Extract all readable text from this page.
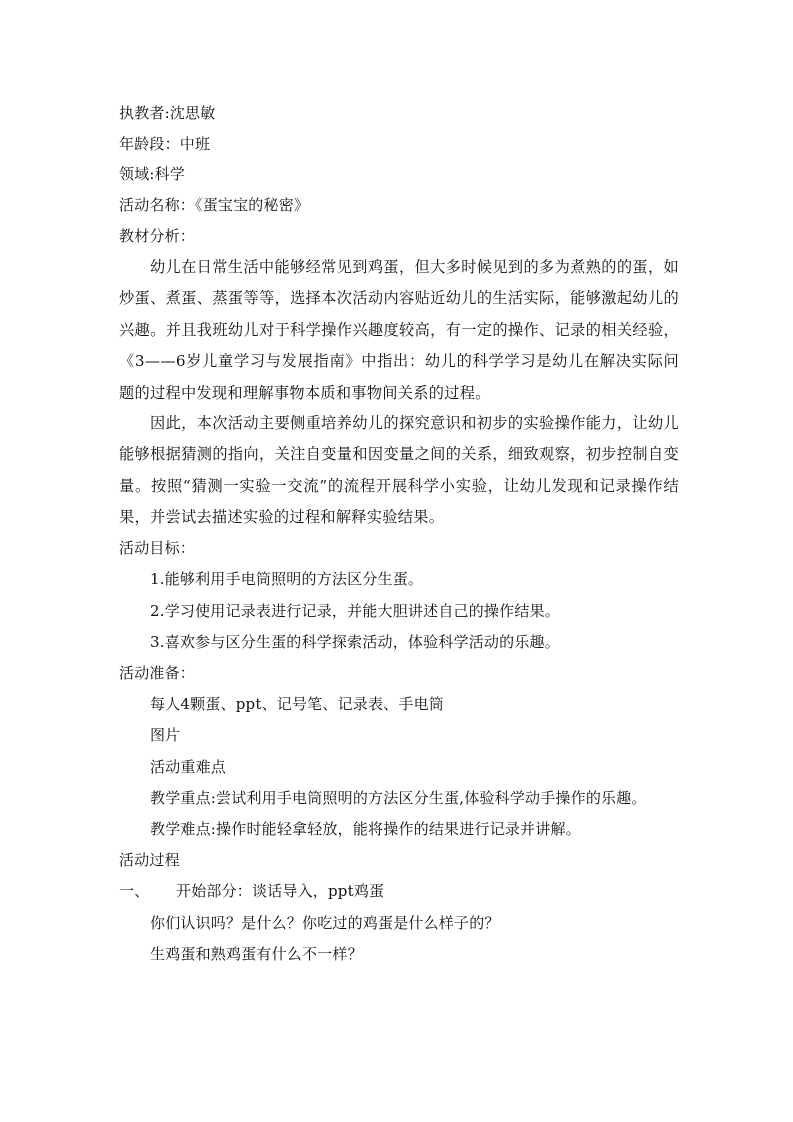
执教者:沈思敏
年龄段：中班
领域:科学
活动名称：《蛋宝宝的秘密》
教材分析：
幼儿在日常生活中能够经常见到鸡蛋，但大多时候见到的多为煮熟的的蛋，如炒蛋、煮蛋、蒸蛋等等，选择本次活动内容贴近幼儿的生活实际，能够激起幼儿的兴趣。并且我班幼儿对于科学操作兴趣度较高，有一定的操作、记录的相关经验，《3——6岁儿童学习与发展指南》中指出：幼儿的科学学习是幼儿在解决实际问题的过程中发现和理解事物本质和事物间关系的过程。
因此，本次活动主要侧重培养幼儿的探究意识和初步的实验操作能力，让幼儿能够根据猜测的指向，关注自变量和因变量之间的关系，细致观察，初步控制自变量。按照“猜测一实验一交流”的流程开展科学小实验，让幼儿发现和记录操作结果，并尝试去描述实验的过程和解释实验结果。
活动目标：
1.能够利用手电筒照明的方法区分生蛋。
2.学习使用记录表进行记录，并能大胆讲述自己的操作结果。
3.喜欢参与区分生蛋的科学探索活动，体验科学活动的乐趣。
活动准备：
每人4颗蛋、ppt、记号笔、记录表、手电筒
图片
活动重难点
教学重点:尝试利用手电筒照明的方法区分生蛋,体验科学动手操作的乐趣。
教学难点:操作时能轻拿轻放，能将操作的结果进行记录并讲解。
活动过程
一、 开始部分：谈话导入，ppt鸡蛋
你们认识吗？是什么？你吃过的鸡蛋是什么样子的？
生鸡蛋和熟鸡蛋有什么不一样？
